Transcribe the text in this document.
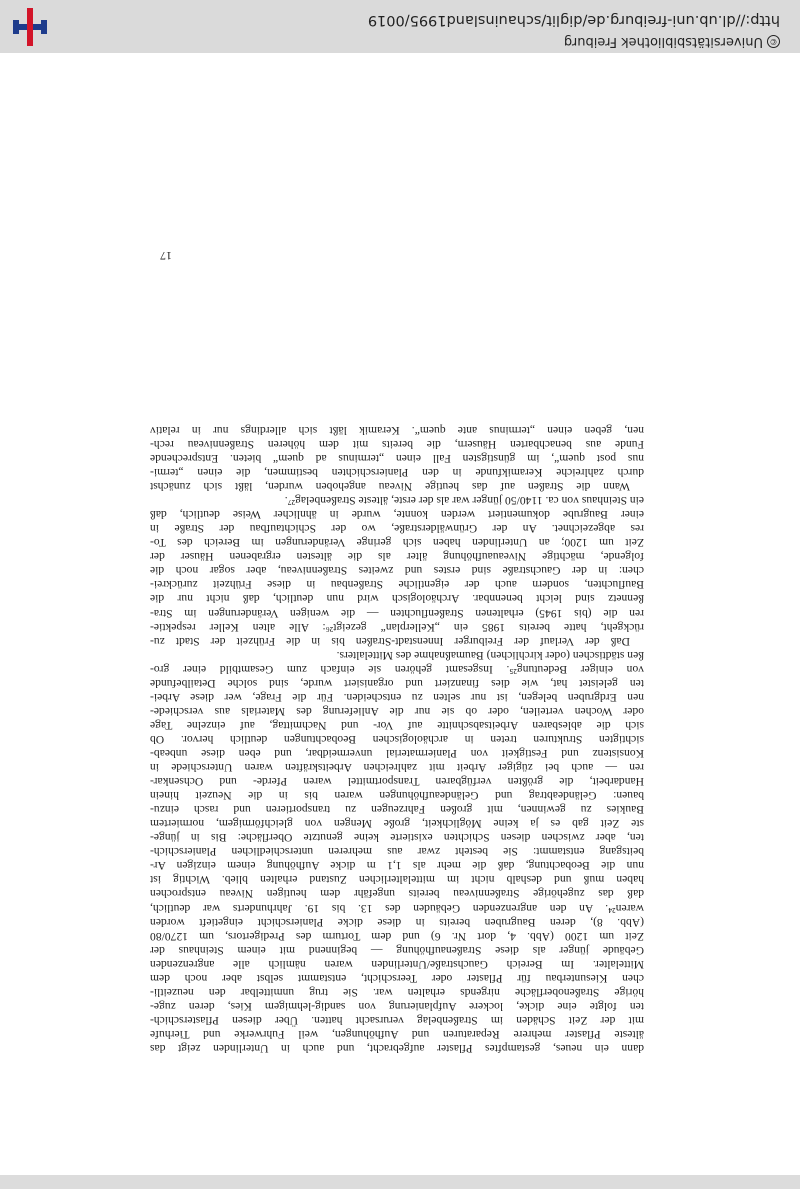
dann ein neues, gestampftes Pflaster aufgebracht, und auch in Unterlinden zeigt das
älteste Pflaster mehrere Reparaturen und Aufhöhungen, weil Fuhrwerke und Tierhufe
mit der Zeit Schäden im Straßenbelag verursacht hatten. Über diesen Pflasterschich-
ten folgte eine dicke, lockere Aufplanierung von sandig-lehmigem Kies, deren zuge-
hörige Straßenoberfläche nirgends erhalten war. Sie trug unmittelbar den neuzeitli-
chen Kiesunterbau für Pflaster oder Teerschicht, entstammt selbst aber noch dem
Mittelalter. Im Bereich Gauchstraße/Unterlinden waren nämlich alle angrenzenden
Gebäude jünger als diese Straßenaufhöhung — beginnend mit einem Steinhaus der
Zeit um 1200 (Abb. 4, dort Nr. 6) und dem Torturm des Predigertors, um 1270/80
(Abb. 8), deren Baugruben bereits in diese dicke Planierschicht eingetieft worden
waren²⁴. An den angrenzenden Gebäuden des 13. bis 19. Jahrhunderts war deutlich,
daß das zugehörige Straßenniveau bereits ungefähr dem heutigen Niveau entsprochen
haben muß und deshalb nicht im mittelalterlichen Zustand erhalten blieb. Wichtig ist
nun die Beobachtung, daß die mehr als 1,1 m dicke Aufhöhung einem einzigen Ar-
beitsgang entstammt: Sie besteht zwar aus mehreren unterschiedlichen Planierschich-
ten, aber zwischen diesen Schichten existierte keine genutzte Oberfläche: Bis in jünge-
ste Zeit gab es ja keine Möglichkeit, große Mengen von gleichförmigem, normiertem
Baukies zu gewinnen, mit großen Fahrzeugen zu transportieren und rasch einzu-
bauen: Geländeabtrag und Geländeaufhöhungen waren bis in die Neuzeit hinein
Handarbeit, die größten verfügbaren Transportmittel waren Pferde- und Ochsenkar-
ren — auch bei zügiger Arbeit mit zahlreichen Arbeitskräften waren Unterschiede in
Konsistenz und Festigkeit von Planiermaterial unvermeidbar, und eben diese unbeab-
sichtigten Strukturen treten in archäologischen Beobachtungen deutlich hervor. Ob
sich die ablesbaren Arbeitsabschnitte auf Vor- und Nachmittag, auf einzelne Tage
oder Wochen verteilen, oder ob sie nur die Anlieferung des Materials aus verschiede-
nen Erdgruben belegen, ist nur selten zu entscheiden. Für die Frage, wer diese Arbei-
ten geleistet hat, wie dies finanziert und organisiert wurde, sind solche Detailbefunde
von einiger Bedeutung²⁵. Insgesamt gehören sie einfach zum Gesamtbild einer gro-
ßen städtischen (oder kirchlichen) Baumaßnahme des Mittelalters.
Daß der Verlauf der Freiburger Innenstadt-Straßen bis in die Frühzeit der Stadt zu-
rückgeht, hatte bereits 1985 ein „Kellerplan“ gezeigt²⁶: Alle alten Keller respektie-
ren die (bis 1945) erhaltenen Straßenfluchten — die wenigen Veränderungen im Stra-
ßennetz sind leicht benennbar. Archäologisch wird nun deutlich, daß nicht nur die
Baufluchten, sondern auch der eigentliche Straßenbau in diese Frühzeit zurückrei-
chen: in der Gauchstraße sind erstes und zweites Straßenniveau, aber sogar noch die
folgende, mächtige Niveauaufhöhung älter als die ältesten ergrabenen Häuser der
Zeit um 1200; an Unterlinden haben sich geringe Veränderungen im Bereich des To-
res abgezeichnet. An der Grünwälderstraße, wo der Schichtaufbau der Straße in
einer Baugrube dokumentiert werden konnte, wurde in ähnlicher Weise deutlich, daß
ein Steinhaus von ca. 1140/50 jünger war als der erste, älteste Straßenbelag²⁷.
Wann die Straßen auf das heutige Niveau angehoben wurden, läßt sich zunächst
durch zahlreiche Keramikfunde in den Planierschichten bestimmen, die einen „termi-
nus post quem“, im günstigsten Fall einen „terminus ad quem“ bieten. Entsprechende
Funde aus benachbarten Häusern, die bereits mit dem höheren Straßenniveau rech-
nen, geben einen „terminus ante quem“. Keramik läßt sich allerdings nur in relativ
17
©
Universitätsbibliothek Freiburg
http://dl.ub.uni-freiburg.de/diglit/schauinsland1995/0019
